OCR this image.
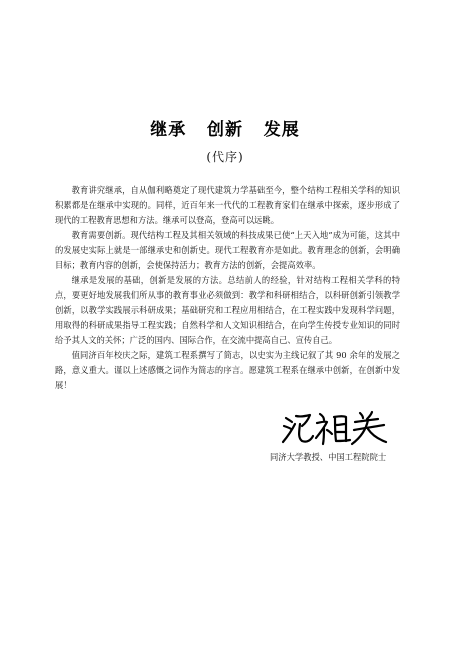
继承   创新   发展
(代序)

教育讲究继承，自从伽利略奠定了现代建筑力学基础至今，整个结构工程相关学科的知识积累都是在继承中实现的。同样，近百年来一代代的工程教育家们在继承中探索，逐步形成了现代的工程教育思想和方法。继承可以登高，登高可以远眺。

教育需要创新。现代结构工程及其相关领域的科技成果已使“上天入地”成为可能，这其中的发展史实际上就是一部继承史和创新史。现代工程教育亦是如此。教育理念的创新，会明确目标；教育内容的创新，会使保持活力；教育方法的创新，会提高效率。

继承是发展的基础，创新是发展的方法。总结前人的经验，针对结构工程相关学科的特点，要更好地发展我们所从事的教育事业必须做到：教学和科研相结合，以科研创新引领教学创新，以教学实践展示科研成果；基础研究和工程应用相结合，在工程实践中发现科学问题，用取得的科研成果指导工程实践；自然科学和人文知识相结合，在向学生传授专业知识的同时给予其人文的关怀；广泛的国内、国际合作，在交流中提高自己、宣传自己。

值同济百年校庆之际，建筑工程系撰写了简志，以史实为主线记叙了其 90 余年的发展之路，意义重大。谨以上述感慨之词作为简志的序言。愿建筑工程系在继承中创新，在创新中发展！

同济大学教授、中国工程院院士
